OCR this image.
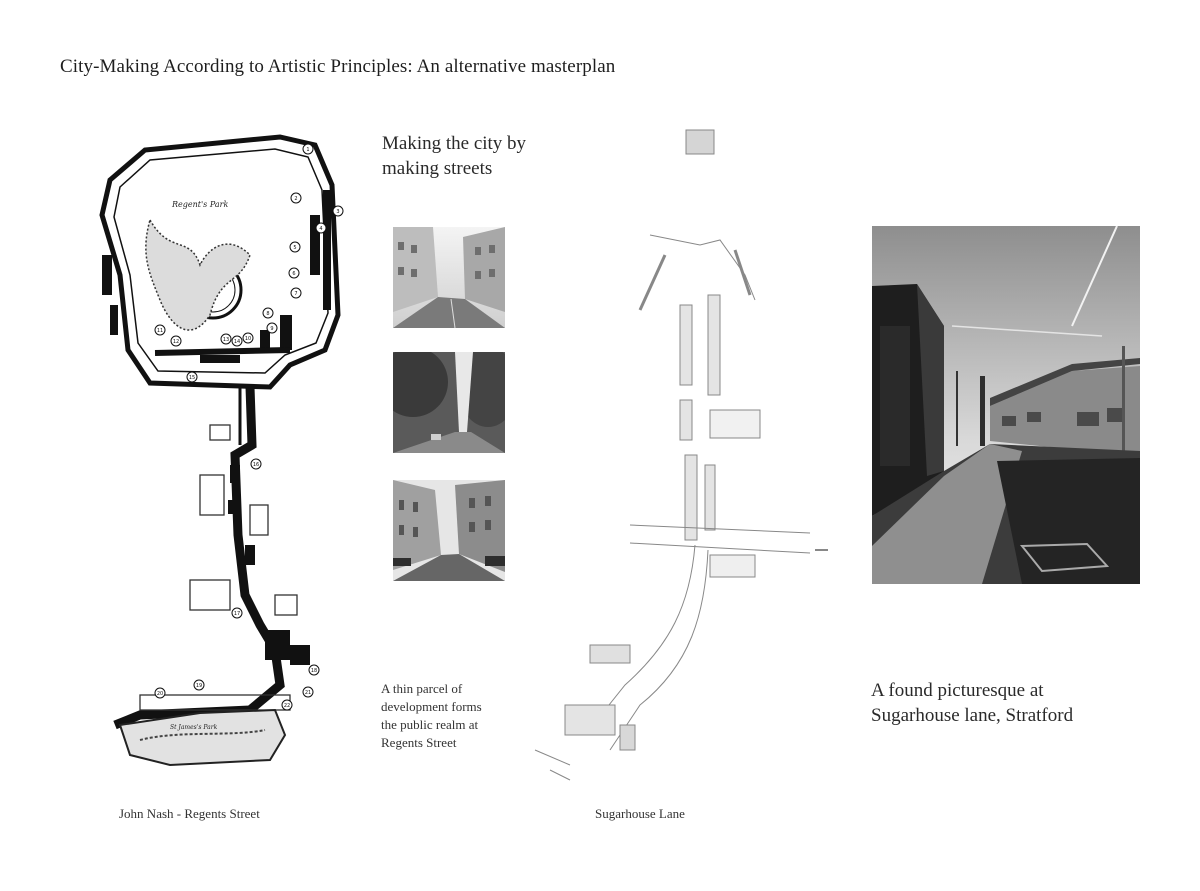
City-Making According to Artistic Principles: An alternative masterplan
Regent's Park
St James's Park
1
2
3
4
5
6
7
8
9
10
11
12	13 14
15
16
17
18
19
20	21
22
Making the city by
making streets
A thin parcel of
development forms
the public realm at
Regents Street
A found picturesque at
Sugarhouse lane, Stratford
John Nash - Regents Street	Sugarhouse Lane
